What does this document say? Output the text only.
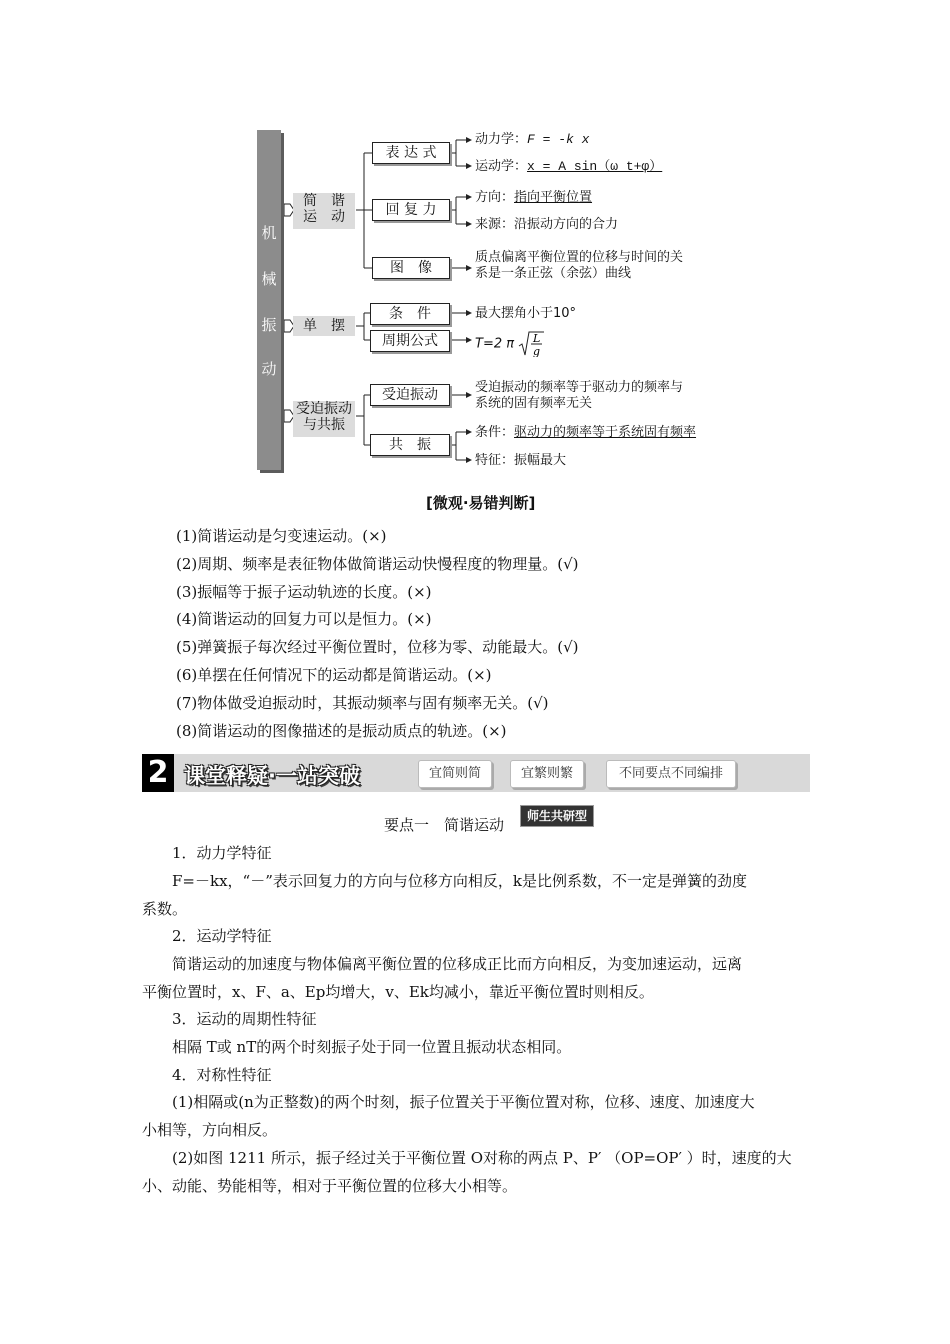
机
械
振
动
简　谐
运　动
单　摆
受迫振动
与共振
表 达 式
回 复 力
图　像
动力学：F = -k x
运动学：x = A sin（ω t+φ）
方向：指向平衡位置
来源：沿振动方向的合力
质点偏离平衡位置的位移与时间的关
系是一条正弦（余弦）曲线
条　件
周期公式
最大摆角小于10°
T=2 π L
g
受迫振动
共　振
受迫振动的频率等于驱动力的频率与
系统的固有频率无关
条件：驱动力的频率等于系统固有频率
特征：振幅最大
[微观·易错判断]
(1)简谐运动是匀变速运动。(×)
(2)周期、频率是表征物体做简谐运动快慢程度的物理量。(√)
(3)振幅等于振子运动轨迹的长度。(×)
(4)简谐运动的回复力可以是恒力。(×)
(5)弹簧振子每次经过平衡位置时，位移为零、动能最大。(√)
(6)单摆在任何情况下的运动都是简谐运动。(×)
(7)物体做受迫振动时，其振动频率与固有频率无关。(√)
(8)简谐运动的图像描述的是振动质点的轨迹。(×)
2 课堂释疑·一站突破	宜简则简	宜繁则繁	不同要点不同编排
要点一　简谐运动	师生共研型
1．动力学特征
F=－kx，“－”表示回复力的方向与位移方向相反，k是比例系数，不一定是弹簧的劲度
系数。
2．运动学特征
简谐运动的加速度与物体偏离平衡位置的位移成正比而方向相反，为变加速运动，远离
平衡位置时，x、F、a、Ep均增大，v、Ek均减小，靠近平衡位置时则相反。
3．运动的周期性特征
相隔 T或 nT的两个时刻振子处于同一位置且振动状态相同。
4．对称性特征
(1)相隔或(n为正整数)的两个时刻，振子位置关于平衡位置对称，位移、速度、加速度大
小相等，方向相反。
(2)如图 1211 所示，振子经过关于平衡位置 O对称的两点 P、P′ （OP=OP′ ）时，速度的大
小、动能、势能相等，相对于平衡位置的位移大小相等。
